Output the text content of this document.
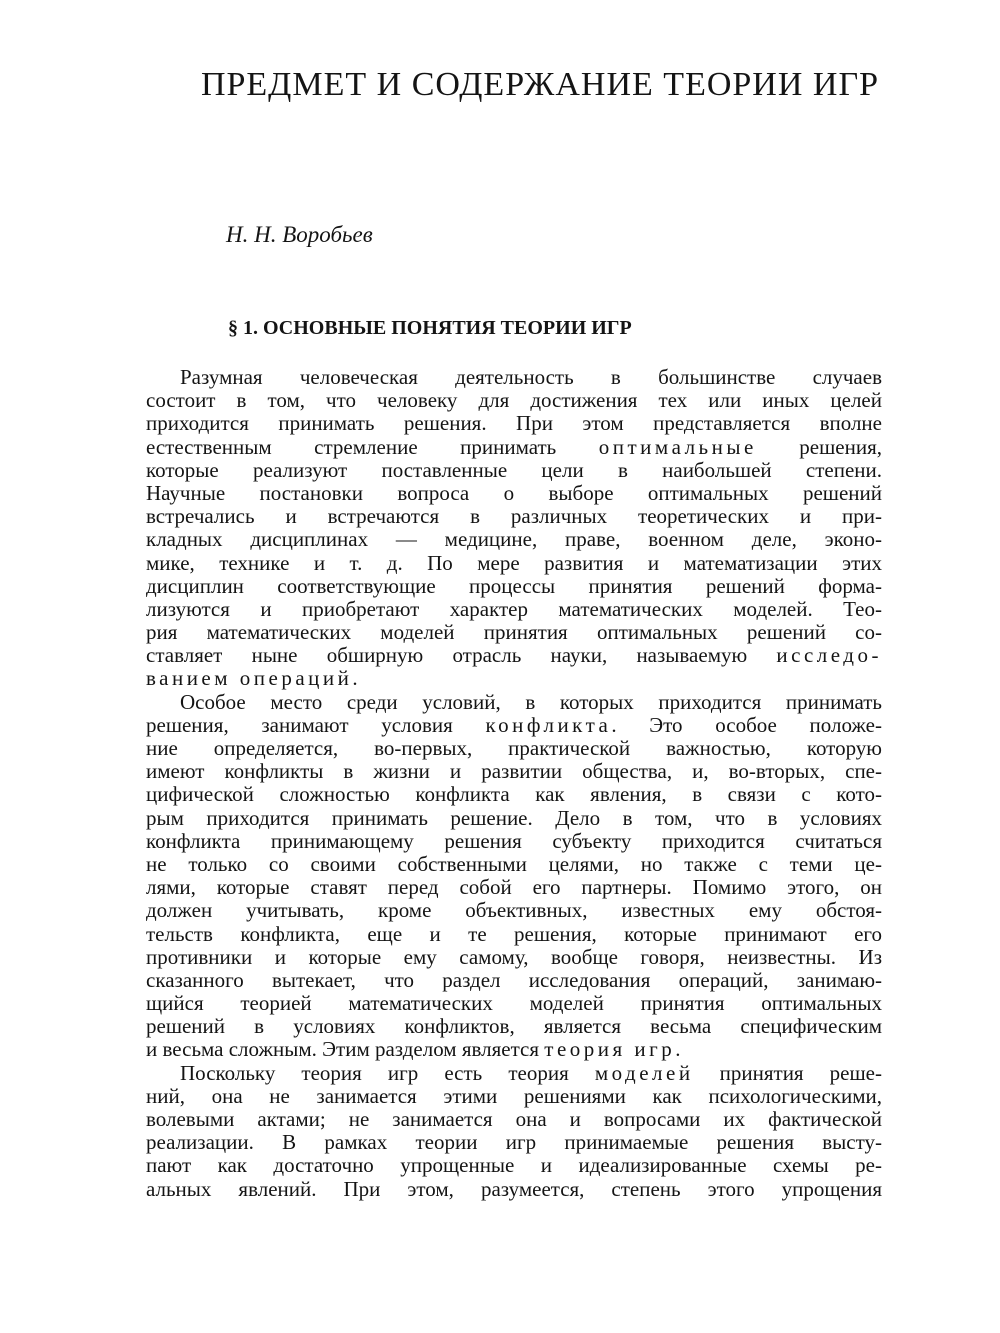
ПРЕДМЕТ И СОДЕРЖАНИЕ ТЕОРИИ ИГР

Н. Н. Воробьев

§ 1. ОСНОВНЫЕ ПОНЯТИЯ ТЕОРИИ ИГР
Разумная человеческая деятельность в большинстве случаев
состоит в том, что человеку для достижения тех или иных целей
приходится принимать решения. При этом представляется вполне
естественным стремление принимать оптимальные решения,
которые реализуют поставленные цели в наибольшей степени.
Научные постановки вопроса о выборе оптимальных решений
встречались и встречаются в различных теоретических и при-
кладных дисциплинах — медицине, праве, военном деле, эконо-
мике, технике и т. д. По мере развития и математизации этих
дисциплин соответствующие процессы принятия решений форма-
лизуются и приобретают характер математических моделей. Тео-
рия математических моделей принятия оптимальных решений со-
ставляет ныне обширную отрасль науки, называемую исследо-
ванием операций.
Особое место среди условий, в которых приходится принимать
решения, занимают условия конфликта. Это особое положе-
ние определяется, во-первых, практической важностью, которую
имеют конфликты в жизни и развитии общества, и, во-вторых, спе-
цифической сложностью конфликта как явления, в связи с кото-
рым приходится принимать решение. Дело в том, что в условиях
конфликта принимающему решения субъекту приходится считаться
не только со своими собственными целями, но также с теми це-
лями, которые ставят перед собой его партнеры. Помимо этого, он
должен учитывать, кроме объективных, известных ему обстоя-
тельств конфликта, еще и те решения, которые принимают его
противники и которые ему самому, вообще говоря, неизвестны. Из
сказанного вытекает, что раздел исследования операций, занимаю-
щийся теорией математических моделей принятия оптимальных
решений в условиях конфликтов, является весьма специфическим
и весьма сложным. Этим разделом является теория игр.
Поскольку теория игр есть теория моделей принятия реше-
ний, она не занимается этими решениями как психологическими,
волевыми актами; не занимается она и вопросами их фактической
реализации. В рамках теории игр принимаемые решения высту-
пают как достаточно упрощенные и идеализированные схемы ре-
альных явлений. При этом, разумеется, степень этого упрощения
